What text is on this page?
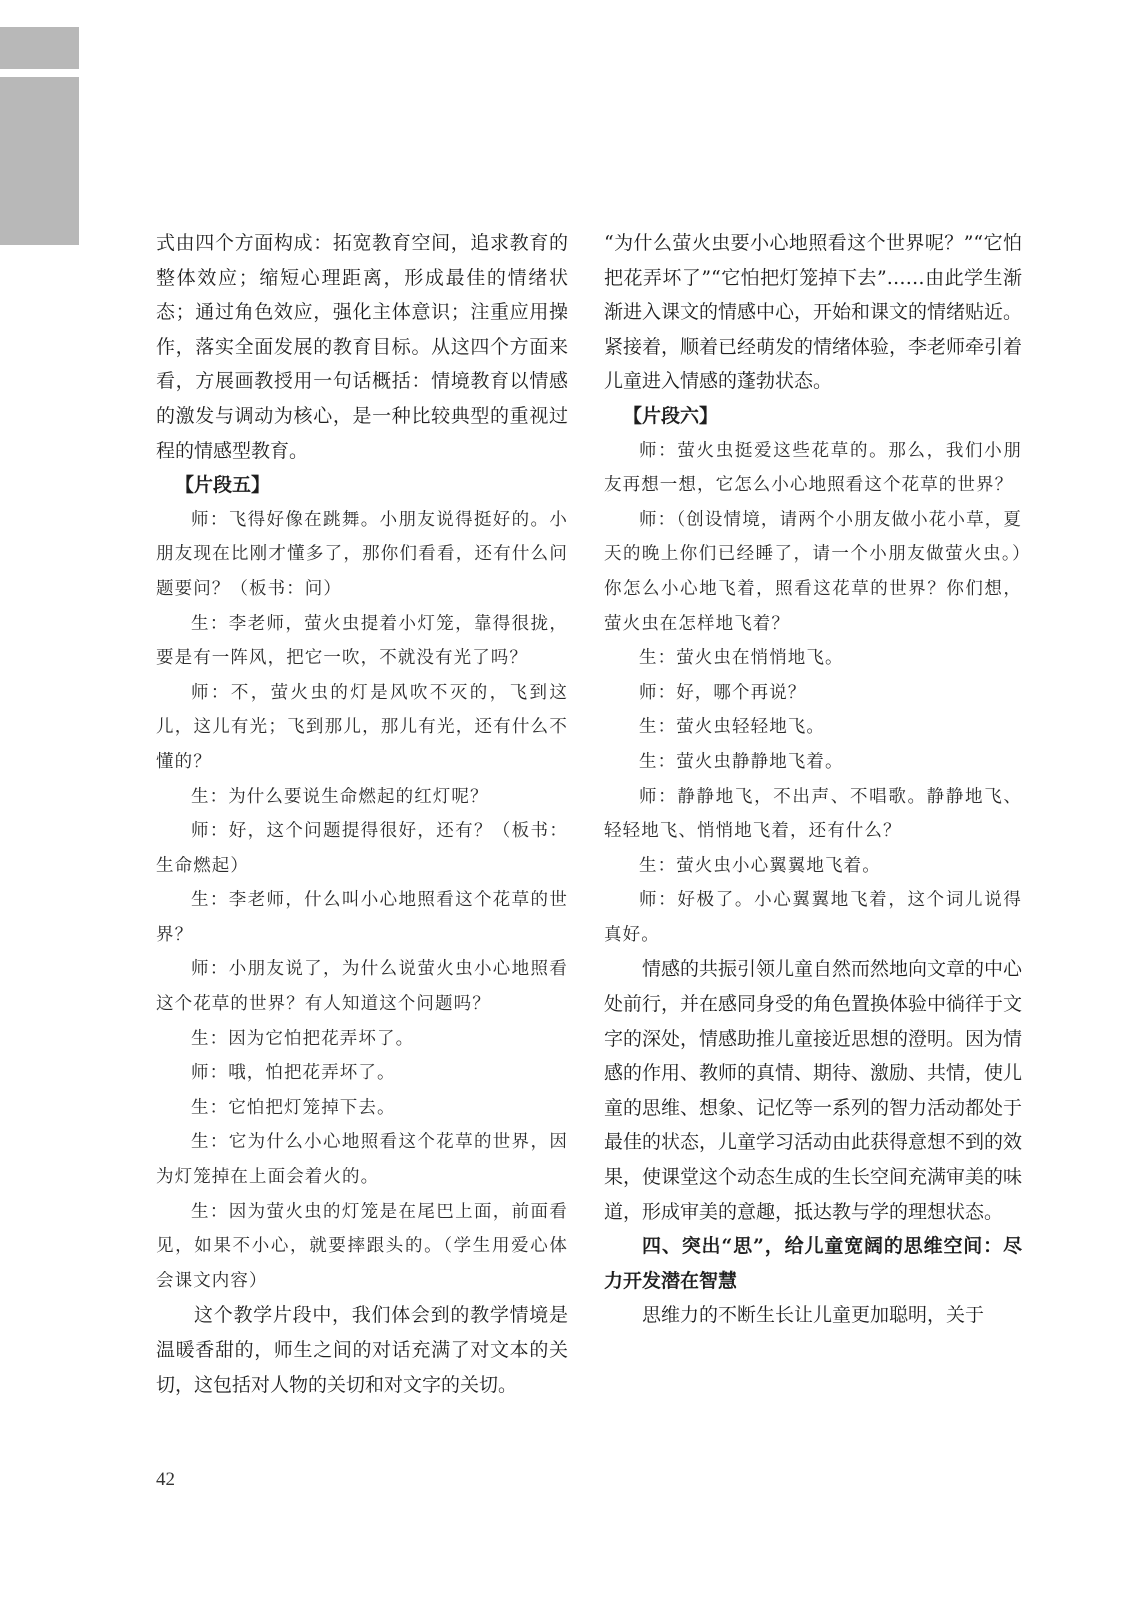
式由四个方面构成：拓宽教育空间，追求教育的整体效应；缩短心理距离，形成最佳的情绪状态；通过角色效应，强化主体意识；注重应用操作，落实全面发展的教育目标。从这四个方面来看，方展画教授用一句话概括：情境教育以情感的激发与调动为核心，是一种比较典型的重视过程的情感型教育。

【片段五】

师：飞得好像在跳舞。小朋友说得挺好的。小朋友现在比刚才懂多了，那你们看看，还有什么问题要问？（板书：问）

生：李老师，萤火虫提着小灯笼，靠得很拢，要是有一阵风，把它一吹，不就没有光了吗？

师：不，萤火虫的灯是风吹不灭的，飞到这儿，这儿有光；飞到那儿，那儿有光，还有什么不懂的？

生：为什么要说生命燃起的红灯呢？

师：好，这个问题提得很好，还有？（板书：生命燃起）

生：李老师，什么叫小心地照看这个花草的世界？

师：小朋友说了，为什么说萤火虫小心地照看这个花草的世界？有人知道这个问题吗？

生：因为它怕把花弄坏了。

师：哦，怕把花弄坏了。

生：它怕把灯笼掉下去。

生：它为什么小心地照看这个花草的世界，因为灯笼掉在上面会着火的。

生：因为萤火虫的灯笼是在尾巴上面，前面看见，如果不小心，就要摔跟头的。（学生用爱心体会课文内容）

这个教学片段中，我们体会到的教学情境是温暖香甜的，师生之间的对话充满了对文本的关切，这包括对人物的关切和对文字的关切。

“为什么萤火虫要小心地照看这个世界呢？”“它怕把花弄坏了”“它怕把灯笼掉下去”……由此学生渐渐进入课文的情感中心，开始和课文的情绪贴近。紧接着，顺着已经萌发的情绪体验，李老师牵引着儿童进入情感的蓬勃状态。

【片段六】

师：萤火虫挺爱这些花草的。那么，我们小朋友再想一想，它怎么小心地照看这个花草的世界？

师：（创设情境，请两个小朋友做小花小草，夏天的晚上你们已经睡了，请一个小朋友做萤火虫。）你怎么小心地飞着，照看这花草的世界？你们想，萤火虫在怎样地飞着？

生：萤火虫在悄悄地飞。

师：好，哪个再说？

生：萤火虫轻轻地飞。

生：萤火虫静静地飞着。

师：静静地飞，不出声、不唱歌。静静地飞、轻轻地飞、悄悄地飞着，还有什么？

生：萤火虫小心翼翼地飞着。

师：好极了。小心翼翼地飞着，这个词儿说得真好。

情感的共振引领儿童自然而然地向文章的中心处前行，并在感同身受的角色置换体验中徜徉于文字的深处，情感助推儿童接近思想的澄明。因为情感的作用、教师的真情、期待、激励、共情，使儿童的思维、想象、记忆等一系列的智力活动都处于最佳的状态，儿童学习活动由此获得意想不到的效果，使课堂这个动态生成的生长空间充满审美的味道，形成审美的意趣，抵达教与学的理想状态。

四、突出“思”，给儿童宽阔的思维空间：尽力开发潜在智慧

思维力的不断生长让儿童更加聪明，关于

42
